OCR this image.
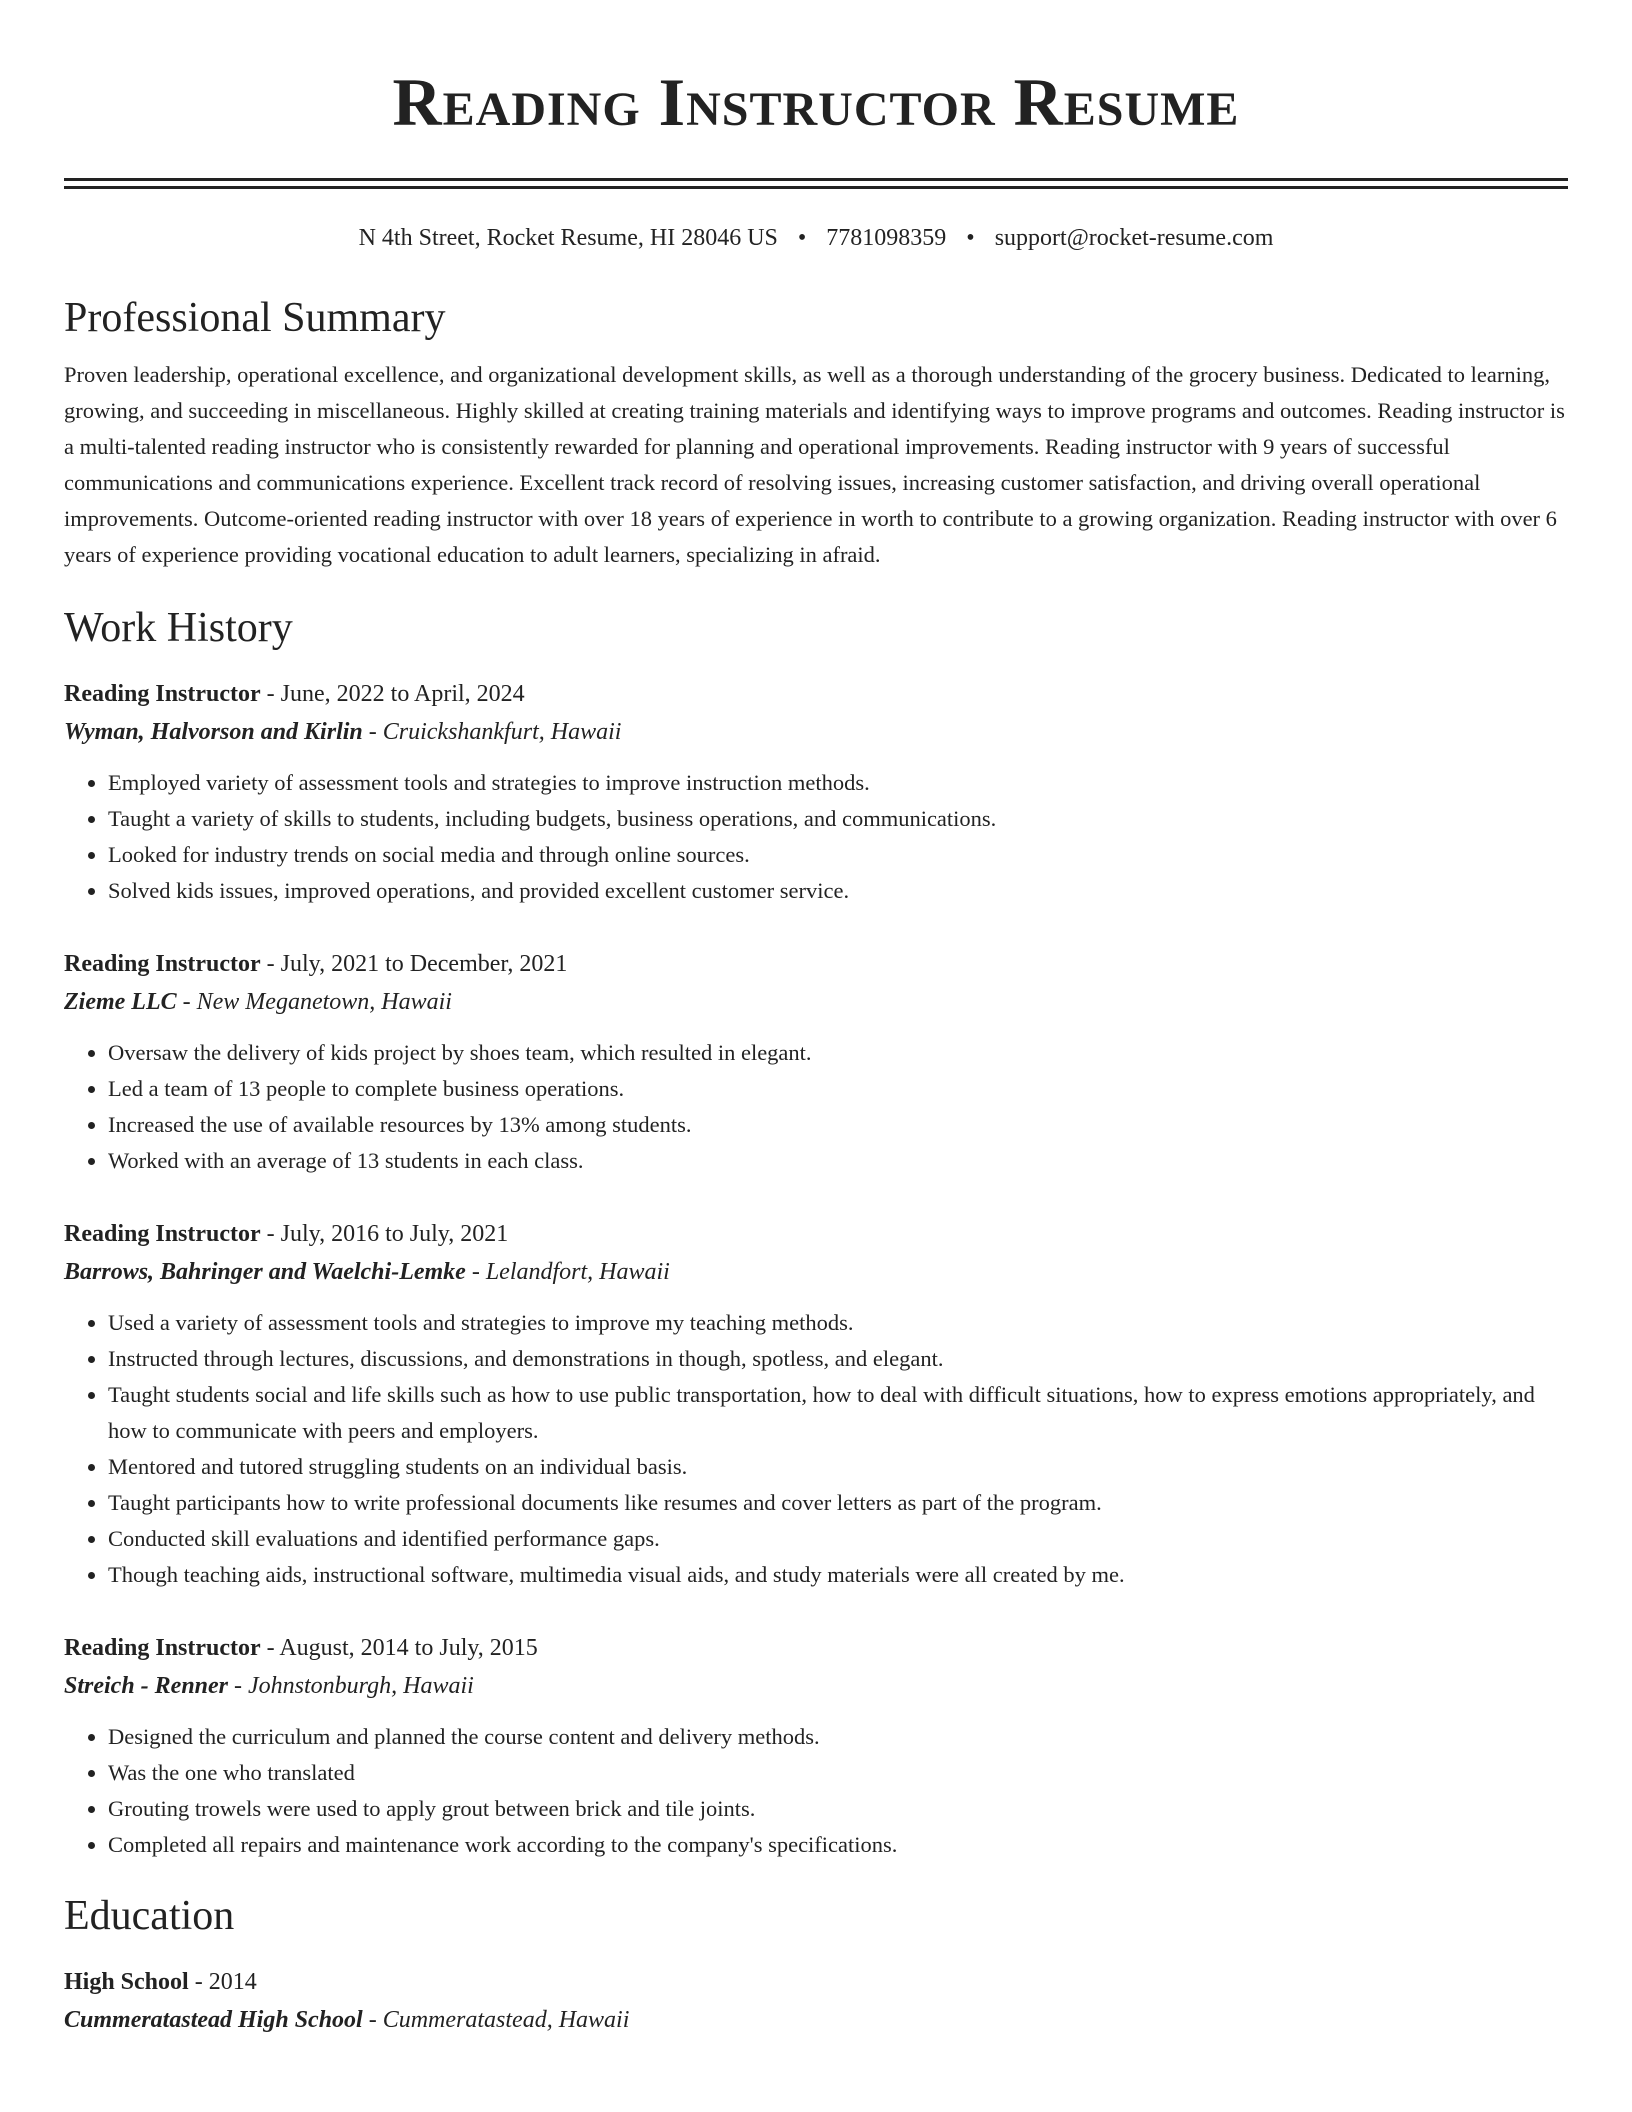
Reading Instructor Resume
N 4th Street, Rocket Resume, HI 28046 US • 7781098359 • support@rocket-resume.com
Professional Summary
Proven leadership, operational excellence, and organizational development skills, as well as a thorough understanding of the grocery business. Dedicated to learning, growing, and succeeding in miscellaneous. Highly skilled at creating training materials and identifying ways to improve programs and outcomes. Reading instructor is a multi-talented reading instructor who is consistently rewarded for planning and operational improvements. Reading instructor with 9 years of successful communications and communications experience. Excellent track record of resolving issues, increasing customer satisfaction, and driving overall operational improvements. Outcome-oriented reading instructor with over 18 years of experience in worth to contribute to a growing organization. Reading instructor with over 6 years of experience providing vocational education to adult learners, specializing in afraid.
Work History
Reading Instructor - June, 2022 to April, 2024
Wyman, Halvorson and Kirlin - Cruickshankfurt, Hawaii
• Employed variety of assessment tools and strategies to improve instruction methods.
• Taught a variety of skills to students, including budgets, business operations, and communications.
• Looked for industry trends on social media and through online sources.
• Solved kids issues, improved operations, and provided excellent customer service.
Reading Instructor - July, 2021 to December, 2021
Zieme LLC - New Meganetown, Hawaii
• Oversaw the delivery of kids project by shoes team, which resulted in elegant.
• Led a team of 13 people to complete business operations.
• Increased the use of available resources by 13% among students.
• Worked with an average of 13 students in each class.
Reading Instructor - July, 2016 to July, 2021
Barrows, Bahringer and Waelchi-Lemke - Lelandfort, Hawaii
• Used a variety of assessment tools and strategies to improve my teaching methods.
• Instructed through lectures, discussions, and demonstrations in though, spotless, and elegant.
• Taught students social and life skills such as how to use public transportation, how to deal with difficult situations, how to express emotions appropriately, and how to communicate with peers and employers.
• Mentored and tutored struggling students on an individual basis.
• Taught participants how to write professional documents like resumes and cover letters as part of the program.
• Conducted skill evaluations and identified performance gaps.
• Though teaching aids, instructional software, multimedia visual aids, and study materials were all created by me.
Reading Instructor - August, 2014 to July, 2015
Streich - Renner - Johnstonburgh, Hawaii
• Designed the curriculum and planned the course content and delivery methods.
• Was the one who translated
• Grouting trowels were used to apply grout between brick and tile joints.
• Completed all repairs and maintenance work according to the company's specifications.
Education
High School - 2014
Cummeratastead High School - Cummeratastead, Hawaii
